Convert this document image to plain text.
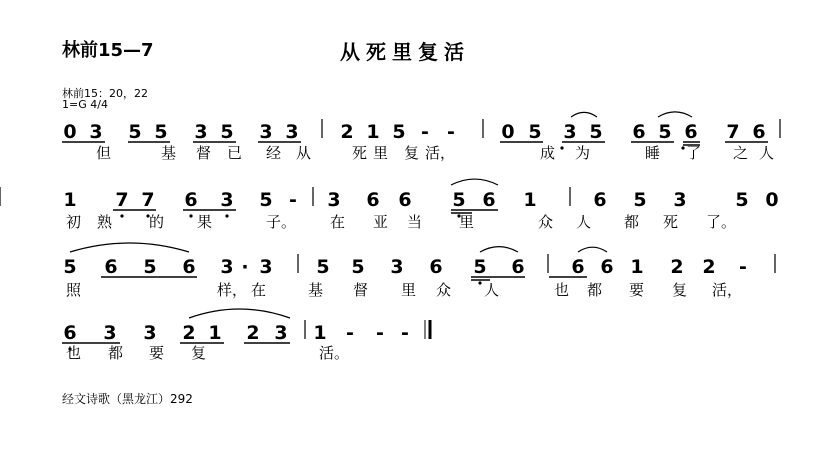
林前15—7	从死里复活
林前15：20，22
1=G 4/4
0 3 5 5 3 5 3 3 2 1 5 - - 0 5 3 5 6 5 6 7 6
但	基 督 已 经 从	死 里 复 活，	成 为	睡 了 之 人
1 7 7 6 3 5 - 3 6 6 5 6 1	6 5 3	5 0
初 熟 的 果	子。 在 亚 当 里	众 人 都 死 了。
5 6 5 6 3 · 3 5 5 3 6 5 6 6 6 1 2 2 -
照	样， 在	基 督 里 众 人	也 都 要 复 活，
6 3 3 2 1 2 3 1 - - -
也 都 要 复	活。
经文诗歌（黑龙江）292
